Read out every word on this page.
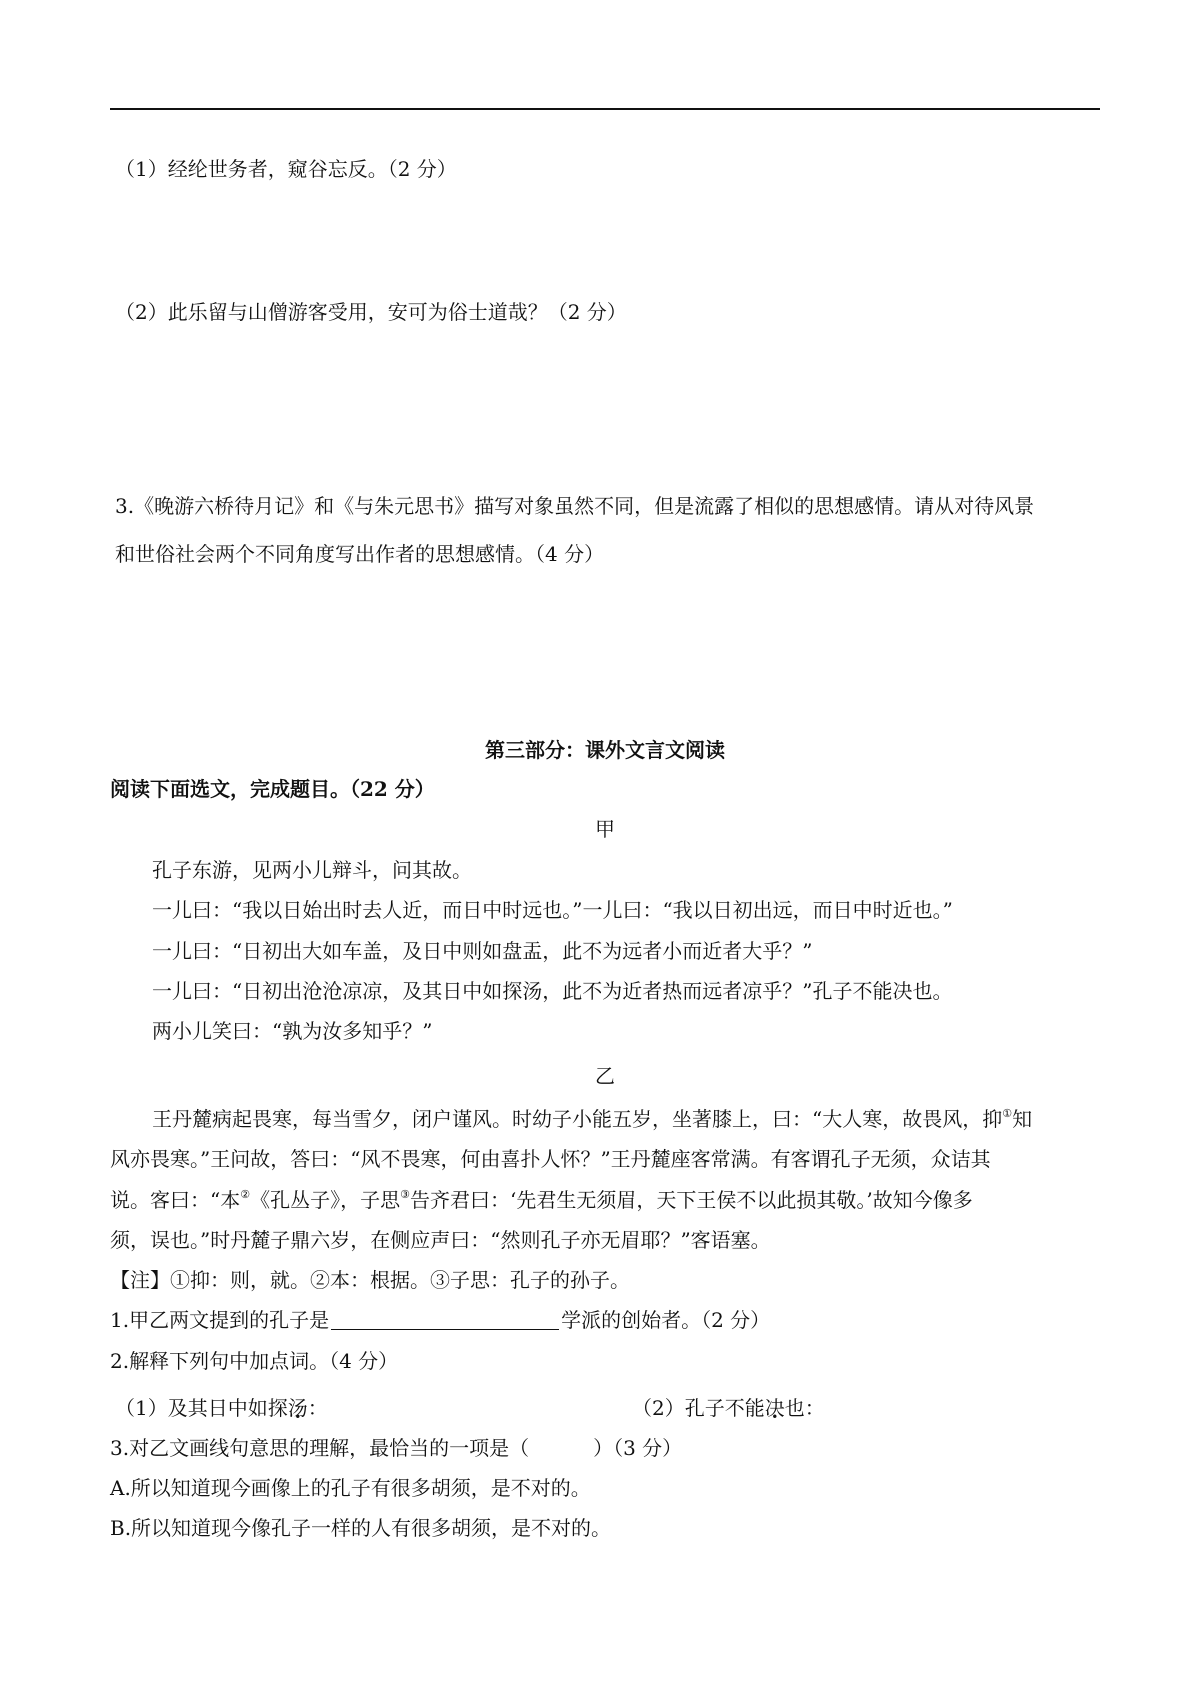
（1）经纶世务者，窥谷忘反。（2 分）
（2）此乐留与山僧游客受用，安可为俗士道哉？（2 分）
3.《晚游六桥待月记》和《与朱元思书》描写对象虽然不同，但是流露了相似的思想感情。请从对待风景
和世俗社会两个不同角度写出作者的思想感情。（4 分）
第三部分：课外文言文阅读
阅读下面选文，完成题目。（22 分）
甲
孔子东游，见两小儿辩斗，问其故。
一儿曰：“我以日始出时去人近，而日中时远也。”一儿曰：“我以日初出远，而日中时近也。”
一儿曰：“日初出大如车盖，及日中则如盘盂，此不为远者小而近者大乎？”
一儿曰：“日初出沧沧凉凉，及其日中如探汤，此不为近者热而远者凉乎？”孔子不能决也。
两小儿笑曰：“孰为汝多知乎？”
乙
王丹麓病起畏寒，每当雪夕，闭户谨风。时幼子小能五岁，坐著膝上，曰：“大人寒，故畏风，抑①知
风亦畏寒。”王问故，答曰：“风不畏寒，何由喜扑人怀？”王丹麓座客常满。有客谓孔子无须，众诘其
说。客曰：“本②《孔丛子》，子思③告齐君曰：‘先君生无须眉，天下王侯不以此损其敬。’故知今像多
须，误也。”时丹麓子鼎六岁，在侧应声曰：“然则孔子亦无眉耶？”客语塞。
【注】①抑：则，就。②本：根据。③子思：孔子的孙子。
1.甲乙两文提到的孔子是	学派的创始者。（2 分）
2.解释下列句中加点词。（4 分）
（1）及其日中如探汤：	（2）孔子不能决也：
3.对乙文画线句意思的理解，最恰当的一项是（	）（3 分）
A.所以知道现今画像上的孔子有很多胡须，是不对的。
B.所以知道现今像孔子一样的人有很多胡须，是不对的。
